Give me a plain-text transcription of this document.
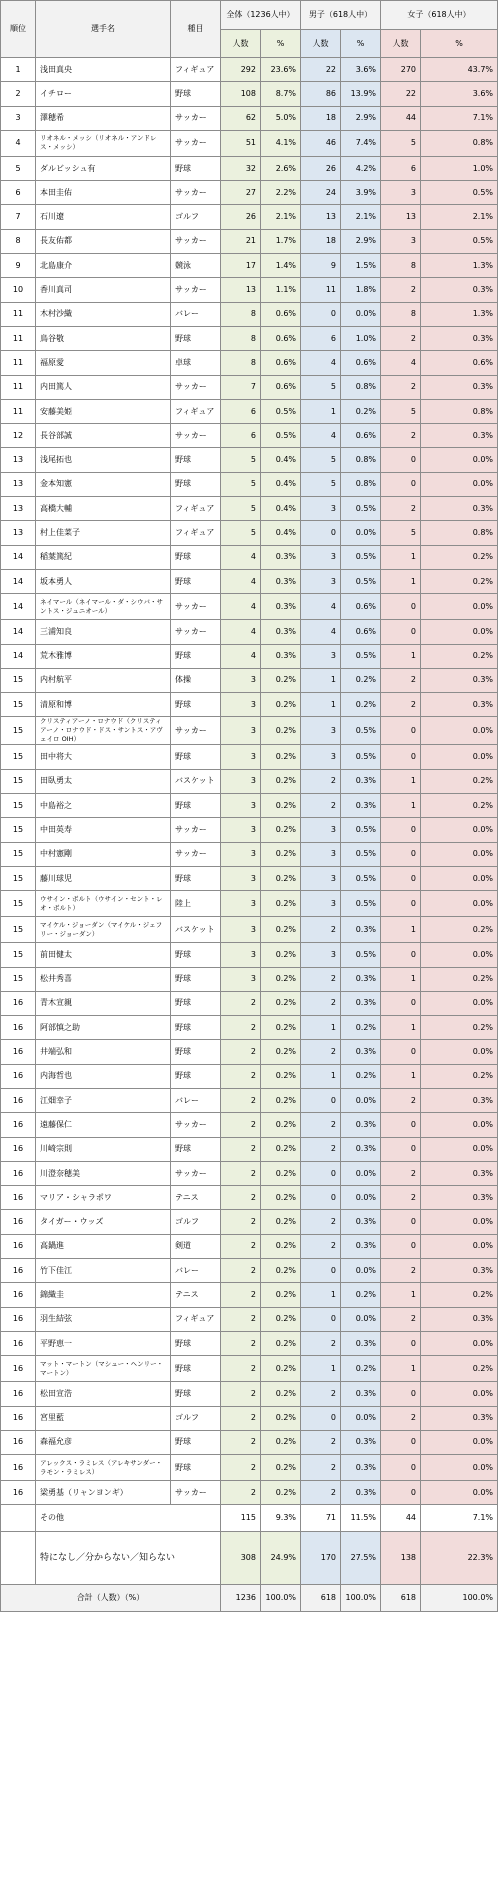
順位	選手名	種目	全体（1236人中）		男子（618人中）		女子（618人中）	
			人数	%	人数	%	人数	%
1	浅田真央	フィギュア	292	23.6%	22	3.6%	270	43.7%
2	イチロー	野球	108	8.7%	86	13.9%	22	3.6%
3	澤穂希	サッカー	62	5.0%	18	2.9%	44	7.1%
4	リオネル・メッシ（リオネル・アンドレス・メッシ）	サッカー	51	4.1%	46	7.4%	5	0.8%
5	ダルビッシュ有	野球	32	2.6%	26	4.2%	6	1.0%
6	本田圭佑	サッカー	27	2.2%	24	3.9%	3	0.5%
7	石川遼	ゴルフ	26	2.1%	13	2.1%	13	2.1%
8	長友佑都	サッカー	21	1.7%	18	2.9%	3	0.5%
9	北島康介	競泳	17	1.4%	9	1.5%	8	1.3%
10	香川真司	サッカー	13	1.1%	11	1.8%	2	0.3%
11	木村沙織	バレー	8	0.6%	0	0.0%	8	1.3%
11	鳥谷敬	野球	8	0.6%	6	1.0%	2	0.3%
11	福原愛	卓球	8	0.6%	4	0.6%	4	0.6%
11	内田篤人	サッカー	7	0.6%	5	0.8%	2	0.3%
11	安藤美姫	フィギュア	6	0.5%	1	0.2%	5	0.8%
12	長谷部誠	サッカー	6	0.5%	4	0.6%	2	0.3%
13	浅尾拓也	野球	5	0.4%	5	0.8%	0	0.0%
13	金本知憲	野球	5	0.4%	5	0.8%	0	0.0%
13	高橋大輔	フィギュア	5	0.4%	3	0.5%	2	0.3%
13	村上佳菜子	フィギュア	5	0.4%	0	0.0%	5	0.8%
14	稲葉篤紀	野球	4	0.3%	3	0.5%	1	0.2%
14	坂本勇人	野球	4	0.3%	3	0.5%	1	0.2%
14	ネイマール（ネイマール・ダ・シウバ・サントス・ジュニオール）	サッカー	4	0.3%	4	0.6%	0	0.0%
14	三浦知良	サッカー	4	0.3%	4	0.6%	0	0.0%
14	荒木雅博	野球	4	0.3%	3	0.5%	1	0.2%
15	内村航平	体操	3	0.2%	1	0.2%	2	0.3%
15	清原和博	野球	3	0.2%	1	0.2%	2	0.3%
15	クリスティアーノ・ロナウド（クリスティアーノ・ロナウド・ドス・サントス・アヴェイロ OIH）	サッカー	3	0.2%	3	0.5%	0	0.0%
15	田中将大	野球	3	0.2%	3	0.5%	0	0.0%
15	田臥勇太	バスケット	3	0.2%	2	0.3%	1	0.2%
15	中島裕之	野球	3	0.2%	2	0.3%	1	0.2%
15	中田英寿	サッカー	3	0.2%	3	0.5%	0	0.0%
15	中村憲剛	サッカー	3	0.2%	3	0.5%	0	0.0%
15	藤川球児	野球	3	0.2%	3	0.5%	0	0.0%
15	ウサイン・ボルト（ウサイン・セント・レオ・ボルト）	陸上	3	0.2%	3	0.5%	0	0.0%
15	マイケル・ジョーダン（マイケル・ジェフリー・ジョーダン）	バスケット	3	0.2%	2	0.3%	1	0.2%
15	前田健太	野球	3	0.2%	3	0.5%	0	0.0%
15	松井秀喜	野球	3	0.2%	2	0.3%	1	0.2%
16	青木宣親	野球	2	0.2%	2	0.3%	0	0.0%
16	阿部慎之助	野球	2	0.2%	1	0.2%	1	0.2%
16	井端弘和	野球	2	0.2%	2	0.3%	0	0.0%
16	内海哲也	野球	2	0.2%	1	0.2%	1	0.2%
16	江畑幸子	バレー	2	0.2%	0	0.0%	2	0.3%
16	遠藤保仁	サッカー	2	0.2%	2	0.3%	0	0.0%
16	川崎宗則	野球	2	0.2%	2	0.3%	0	0.0%
16	川澄奈穂美	サッカー	2	0.2%	0	0.0%	2	0.3%
16	マリア・シャラポワ	テニス	2	0.2%	0	0.0%	2	0.3%
16	タイガー・ウッズ	ゴルフ	2	0.2%	2	0.3%	0	0.0%
16	高鍋進	剣道	2	0.2%	2	0.3%	0	0.0%
16	竹下佳江	バレー	2	0.2%	0	0.0%	2	0.3%
16	錦織圭	テニス	2	0.2%	1	0.2%	1	0.2%
16	羽生結弦	フィギュア	2	0.2%	0	0.0%	2	0.3%
16	平野恵一	野球	2	0.2%	2	0.3%	0	0.0%
16	マット・マートン（マシュー・ヘンリー・マートン）	野球	2	0.2%	1	0.2%	1	0.2%
16	松田宣浩	野球	2	0.2%	2	0.3%	0	0.0%
16	宮里藍	ゴルフ	2	0.2%	0	0.0%	2	0.3%
16	森福允彦	野球	2	0.2%	2	0.3%	0	0.0%
16	アレックス・ラミレス（アレキサンダー・ラモン・ラミレス）	野球	2	0.2%	2	0.3%	0	0.0%
16	梁勇基（リャンヨンギ）	サッカー	2	0.2%	2	0.3%	0	0.0%
	その他		115	9.3%	71	11.5%	44	7.1%
	特になし／分からない／知らない		308	24.9%	170	27.5%	138	22.3%
合計（人数）（%）			1236	100.0%	618	100.0%	618	100.0%
